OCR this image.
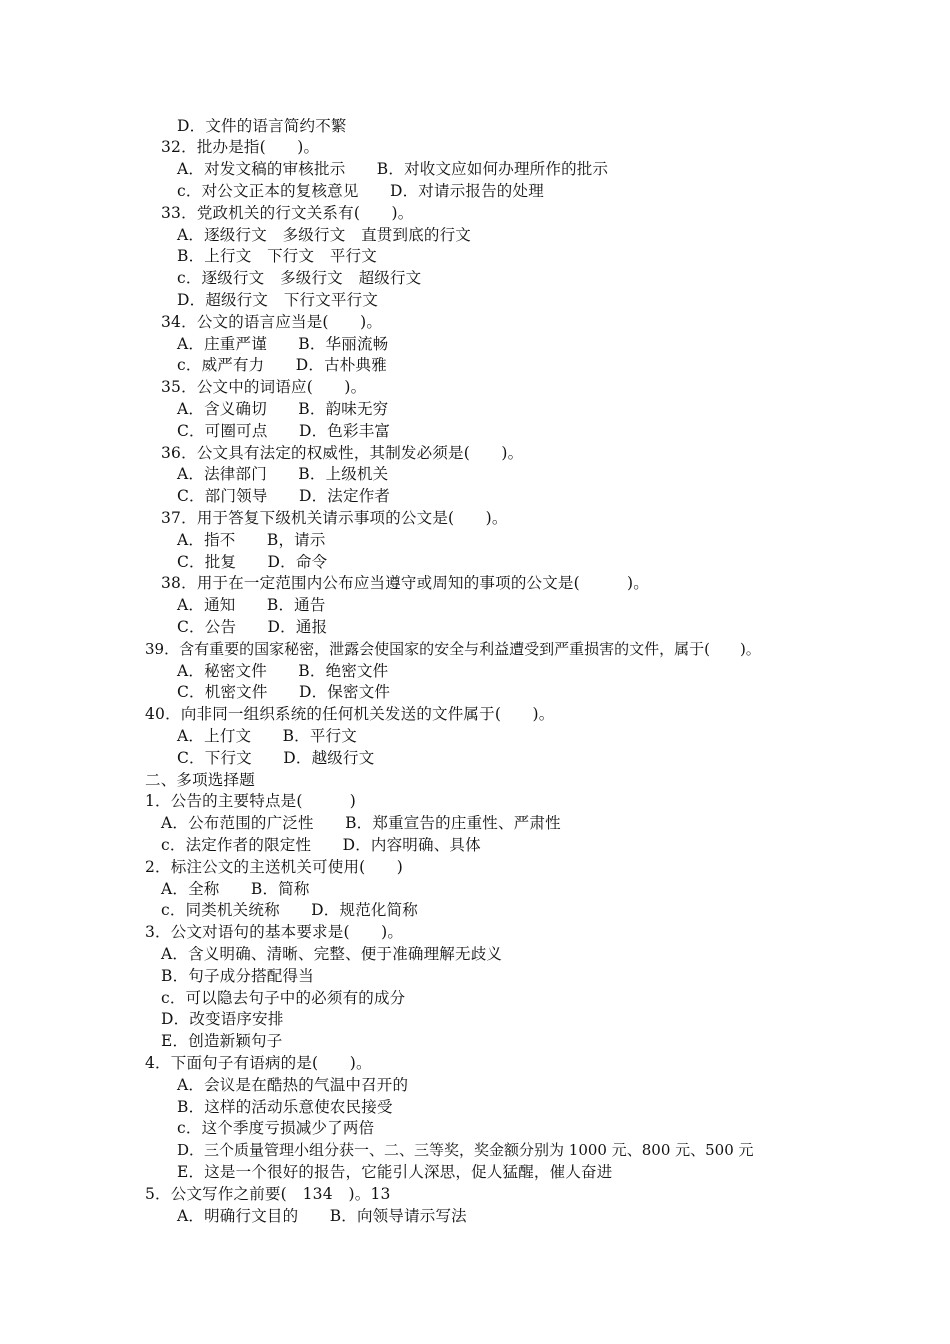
D．文件的语言简约不繁
32．批办是指(　　)。
A．对发文稿的审核批示　　B．对收文应如何办理所作的批示
c．对公文正本的复核意见　　D．对请示报告的处理
33．党政机关的行文关系有(　　)。
A．逐级行文　多级行文　直贯到底的行文
B．上行文　下行文　平行文
c．逐级行文　多级行文　超级行文
D．超级行文　下行文平行文
34．公文的语言应当是(　　)。
A．庄重严谨　　B．华丽流畅
c．威严有力　　D．古朴典雅
35．公文中的词语应(　　)。
A．含义确切　　B．韵味无穷
C．可圈可点　　D．色彩丰富
36．公文具有法定的权威性，其制发必须是(　　)。
A．法律部门　　B．上级机关
C．部门领导　　D．法定作者
37．用于答复下级机关请示事项的公文是(　　)。
A．指不　　B，请示
C．批复　　D．命令
38．用于在一定范围内公布应当遵守或周知的事项的公文是(　　　)。
A．通知　　B．通告
C．公告　　D．通报
39．含有重要的国家秘密，泄露会使国家的安全与利益遭受到严重损害的文件，属于(　　)。
A．秘密文件　　B．绝密文件
C．机密文件　　D．保密文件
40．向非同一组织系统的任何机关发送的文件属于(　　)。
A．上仃文　　B．平行文
C．下行文　　D．越级行文
二、多项选择题
1．公告的主要特点是(　　　)
A．公布范围的广泛性　　B．郑重宣告的庄重性、严肃性
c．法定作者的限定性　　D．内容明确、具体
2．标注公文的主送机关可使用(　　)
A．全称　　B．简称
c．同类机关统称　　D．规范化简称
3．公文对语句的基本要求是(　　)。
A．含义明确、清晰、完整、便于准确理解无歧义
B．句子成分搭配得当
c．可以隐去句子中的必须有的成分
D．改变语序安排
E．创造新颖句子
4．下面句子有语病的是(　　)。
A．会议是在酷热的气温中召开的
B．这样的活动乐意使农民接受
c．这个季度亏损减少了两倍
D．三个质量管理小组分获一、二、三等奖，奖金额分别为 1000 元、800 元、500 元
E．这是一个很好的报告，它能引人深思，促人猛醒，催人奋进
5．公文写作之前要(　134　)。13
A．明确行文目的　　B．向领导请示写法
